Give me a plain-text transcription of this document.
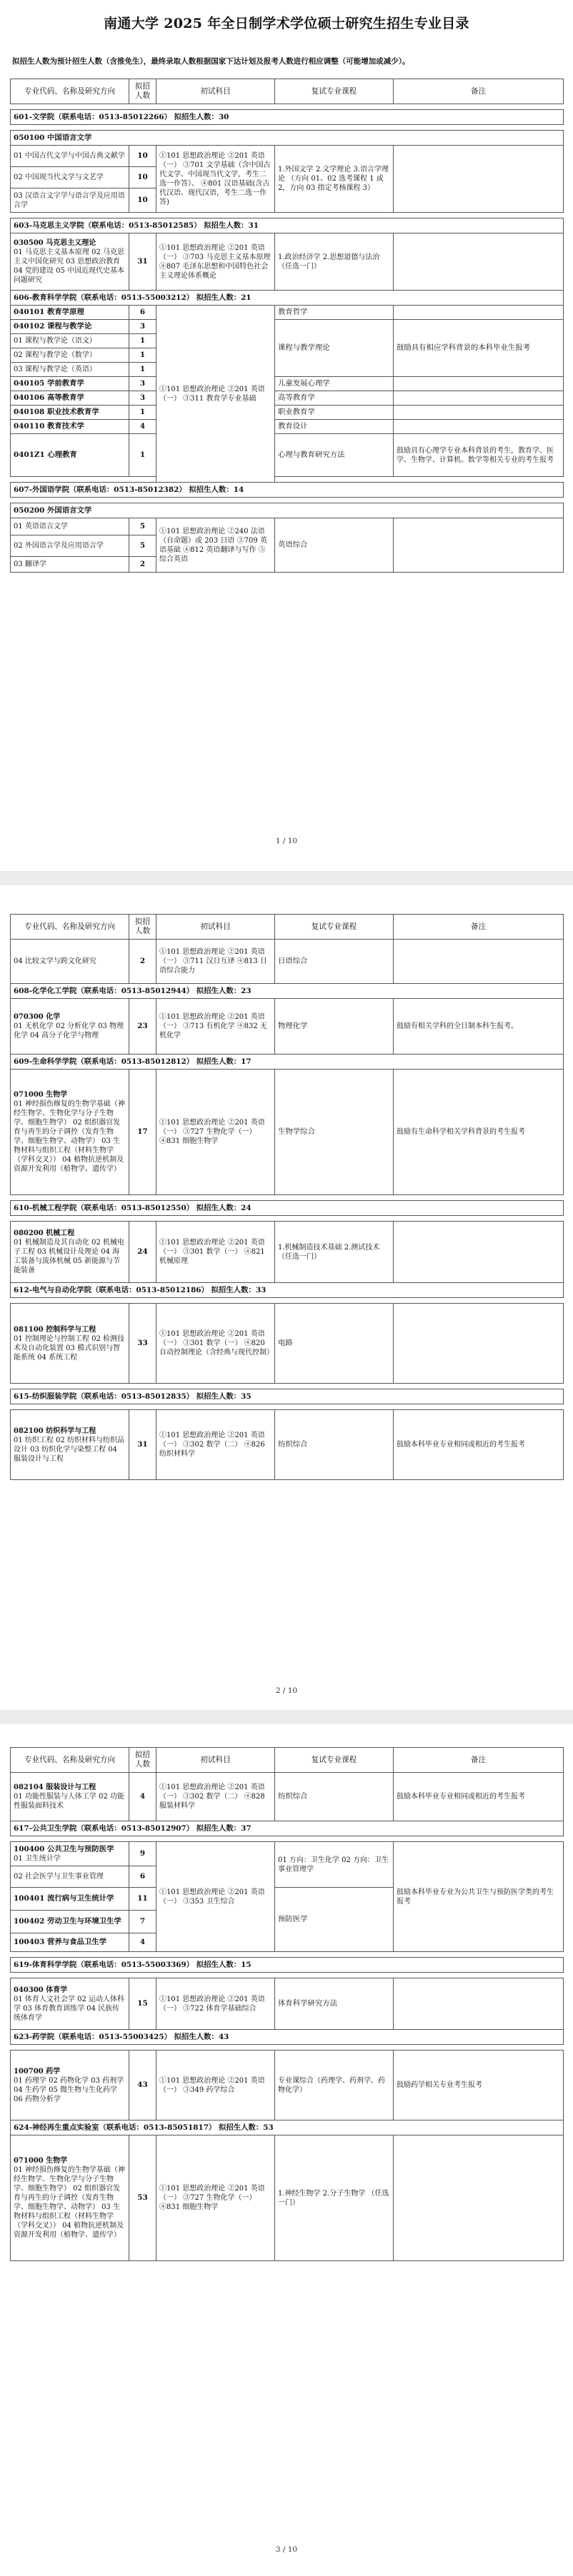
南通大学 2025 年全日制学术学位硕士研究生招生专业目录
拟招生人数为预计招生人数（含推免生），最终录取人数根据国家下达计划及报考人数进行相应调整（可能增加或减少）。
专业代码、名称及研究方向	拟招人数	初试科目	复试专业课程	备注

601-文学院（联系电话：0513-85012266） 拟招生人数：30				

050100 中国语言文学				
01 中国古代文学与中国古典文献学	10	①101 思想政治理论 ②201 英语（一） ③701 文学基础（含中国古代文学、中国现当代文学，考生二选一作答）、 ④801 汉语基础(含古代汉语、现代汉语，考生二选一作答)	1.外国文学 2.文学理论 3.语言学理论 （方向 01、02 选考课程 1 或 2，方向 03 指定考核课程 3）	
02 中国现当代文学与文艺学	10			
03 汉语言文字学与语言学及应用语言学	10			

603-马克思主义学院（联系电话：0513-85012585） 拟招生人数：31				
030500 马克思主义理论
01 马克思主义基本原理 02 马克思主义中国化研究 03 思想政治教育 04 党的建设 05 中国近现代史基本问题研究	31	①101 思想政治理论 ②201 英语（一） ③703 马克思主义基本原理 ④807 毛泽东思想和中国特色社会主义理论体系概论	1.政治经济学 2.思想道德与法治 （任选一门）	
606-教育科学学院（联系电话：0513-55003212） 拟招生人数：21				
040101 教育学原理	6	①101 思想政治理论 ②201 英语（一） ③311 教育学专业基础	教育哲学	
040102 课程与教学论	3		课程与教学理论	鼓励具有相应学科背景的本科毕业生报考
01 课程与教学论（语文）	1			
02 课程与教学论（数学）	1			
03 课程与教学论（英语）	1			
040105 学前教育学	3		儿童发展心理学	
040106 高等教育学	3		高等教育学	
040108 职业技术教育学	1		职业教育学	
040110 教育技术学	4		教育设计	
0401Z1 心理教育	1		心理与教育研究方法	鼓励具有心理学专业本科背景的考生，教育学、医学、生物学、计算机、数学等相关专业的考生报考

607-外国语学院（联系电话：0513-85012382） 拟招生人数：14				

050200 外国语言文学				
01 英语语言文学	5	①101 思想政治理论 ②240 法语（自命题）或 203 日语 ③709 英语基础 ④812 英语翻译与写作 ⑤ 综合英语	英语综合	
02 外国语言学及应用语言学	5			
03 翻译学	2			
1 / 10
专业代码、名称及研究方向	拟招人数	初试科目	复试专业课程	备注
04 比较文学与跨文化研究	2	①101 思想政治理论 ②201 英语（一） ③711 汉日互译 ④813 日语综合能力	日语综合	
608-化学化工学院（联系电话：0513-85012944） 拟招生人数：23				
070300 化学
01 无机化学 02 分析化学 03 物理化学 04 高分子化学与物理	23	①101 思想政治理论 ②201 英语（一） ③713 有机化学 ④832 无机化学	物理化学	鼓励有相关学科的全日制本科生报考。
609-生命科学学院（联系电话：0513-85012812） 拟招生人数：17				
071000 生物学
01 神经损伤修复的生物学基础（神经生物学、生物化学与分子生物学、细胞生物学） 02 组织器官发育与再生的分子调控（发育生物学、细胞生物学、动物学） 03 生物材料与组织工程（材料生物学（学科交叉）） 04 植物抗逆机制及资源开发利用（植物学、遗传学）	17	①101 思想政治理论 ②201 英语（一） ③727 生物化学（一） ④831 细胞生物学	生物学综合	鼓励有生命科学相关学科背景的考生报考

610-机械工程学院（联系电话：0513-85012550） 拟招生人数：24				

080200 机械工程
01 机械制造及其自动化 02 机械电子工程 03 机械设计及理论 04 海工装备与流体机械 05 新能源与节能装备	24	①101 思想政治理论 ②201 英语（一） ③301 数学（一） ④821 机械原理	1.机械制造技术基础 2.测试技术 （任选一门）	
612-电气与自动化学院（联系电话：0513-85012186） 拟招生人数：33				

081100 控制科学与工程
01 控制理论与控制工程 02 检测技术及自动化装置 03 模式识别与智能系统 04 系统工程	33	①101 思想政治理论 ②201 英语（一） ③301 数学（一） ④820 自动控制理论（含经典与现代控制）	电路	

615-纺织服装学院（联系电话：0513-85012835） 拟招生人数：35				

082100 纺织科学与工程
01 纺织工程 02 纺织材料与纺织品设计 03 纺织化学与染整工程 04 服装设计与工程	31	①101 思想政治理论 ②201 英语（一） ③302 数学（二） ④826 纺织材料学	纺织综合	鼓励本科毕业专业相同或相近的考生报考
2 / 10
专业代码、名称及研究方向	拟招人数	初试科目	复试专业课程	备注
082104 服装设计与工程
01 功能性服装与人体工学 02 功能性服装面料技术	4	①101 思想政治理论 ②201 英语（一） ③302 数学（二） ④828 服装材料学	纺织综合	鼓励本科毕业专业相同或相近的考生报考
617-公共卫生学院（联系电话：0513-85012907） 拟招生人数：37				

100400 公共卫生与预防医学
01 卫生统计学	9	①101 思想政治理论 ②201 英语（一） ③353 卫生综合	01 方向：卫生化学 02 方向：卫生事业管理学	鼓励本科毕业专业为公共卫生与预防医学类的考生报考
02 社会医学与卫生事业管理	6			
100401 流行病与卫生统计学	11		预防医学	
100402 劳动卫生与环境卫生学	7			
100403 营养与食品卫生学	4			

619-体育科学学院（联系电话：0513-55003369） 拟招生人数：15				

040300 体育学
01 体育人文社会学 02 运动人体科学 03 体育教育训练学 04 民族传统体育学	15	①101 思想政治理论 ②201 英语（一） ③722 体育学基础综合	体育科学研究方法	
623-药学院（联系电话：0513-55003425） 拟招生人数：43				

100700 药学
01 药理学 02 药物化学 03 药剂学 04 生药学 05 微生物与生化药学 06 药物分析学	43	①101 思想政治理论 ②201 英语（一） ③349 药学综合	专业课综合（药理学、药剂学、药物化学）	鼓励药学相关专业考生报考
624-神经再生重点实验室（联系电话：0513-85051817） 拟招生人数：53				
071000 生物学
01 神经损伤修复的生物学基础（神经生物学、生物化学与分子生物学、细胞生物学） 02 组织器官发育与再生的分子调控（发育生物学、细胞生物学、动物学） 03 生物材料与组织工程（材料生物学（学科交叉）） 04 植物抗逆机制及资源开发利用（植物学、遗传学）	53	①101 思想政治理论 ②201 英语（一） ③727 生物化学（一） ④831 细胞生物学	1.神经生物学 2.分子生物学 （任选一门）	
3 / 10
